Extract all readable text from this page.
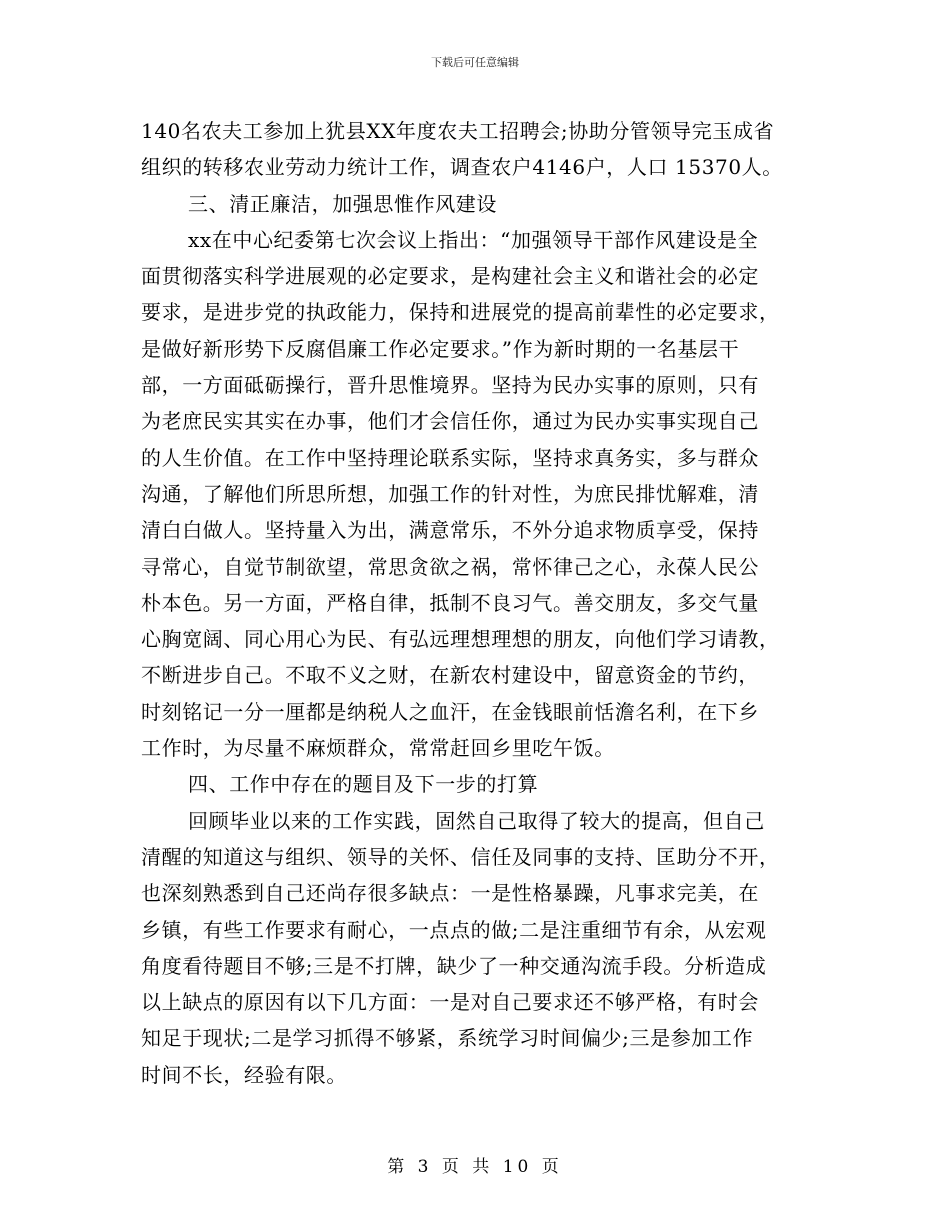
下载后可任意编辑
140名农夫工参加上犹县XX年度农夫工招聘会;协助分管领导完玉成省
组织的转移农业劳动力统计工作，调查农户4146户，人口 15370人。
三、清正廉洁，加强思惟作风建设
xx在中心纪委第七次会议上指出：“加强领导干部作风建设是全
面贯彻落实科学进展观的必定要求，是构建社会主义和谐社会的必定
要求，是进步党的执政能力，保持和进展党的提高前辈性的必定要求，
是做好新形势下反腐倡廉工作必定要求。”作为新时期的一名基层干
部，一方面砥砺操行，晋升思惟境界。坚持为民办实事的原则，只有
为老庶民实其实在办事，他们才会信任你，通过为民办实事实现自己
的人生价值。在工作中坚持理论联系实际，坚持求真务实，多与群众
沟通，了解他们所思所想，加强工作的针对性，为庶民排忧解难，清
清白白做人。坚持量入为出，满意常乐，不外分追求物质享受，保持
寻常心，自觉节制欲望，常思贪欲之祸，常怀律己之心，永葆人民公
朴本色。另一方面，严格自律，抵制不良习气。善交朋友，多交气量
心胸宽阔、同心用心为民、有弘远理想理想的朋友，向他们学习请教，
不断进步自己。不取不义之财，在新农村建设中，留意资金的节约，
时刻铭记一分一厘都是纳税人之血汗，在金钱眼前恬澹名利，在下乡
工作时，为尽量不麻烦群众，常常赶回乡里吃午饭。
四、工作中存在的题目及下一步的打算
回顾毕业以来的工作实践，固然自己取得了较大的提高，但自己
清醒的知道这与组织、领导的关怀、信任及同事的支持、匡助分不开，
也深刻熟悉到自己还尚存很多缺点：一是性格暴躁，凡事求完美，在
乡镇，有些工作要求有耐心，一点点的做;二是注重细节有余，从宏观
角度看待题目不够;三是不打牌，缺少了一种交通沟流手段。分析造成
以上缺点的原因有以下几方面：一是对自己要求还不够严格，有时会
知足于现状;二是学习抓得不够紧，系统学习时间偏少;三是参加工作
时间不长，经验有限。
第 3 页 共 10 页
